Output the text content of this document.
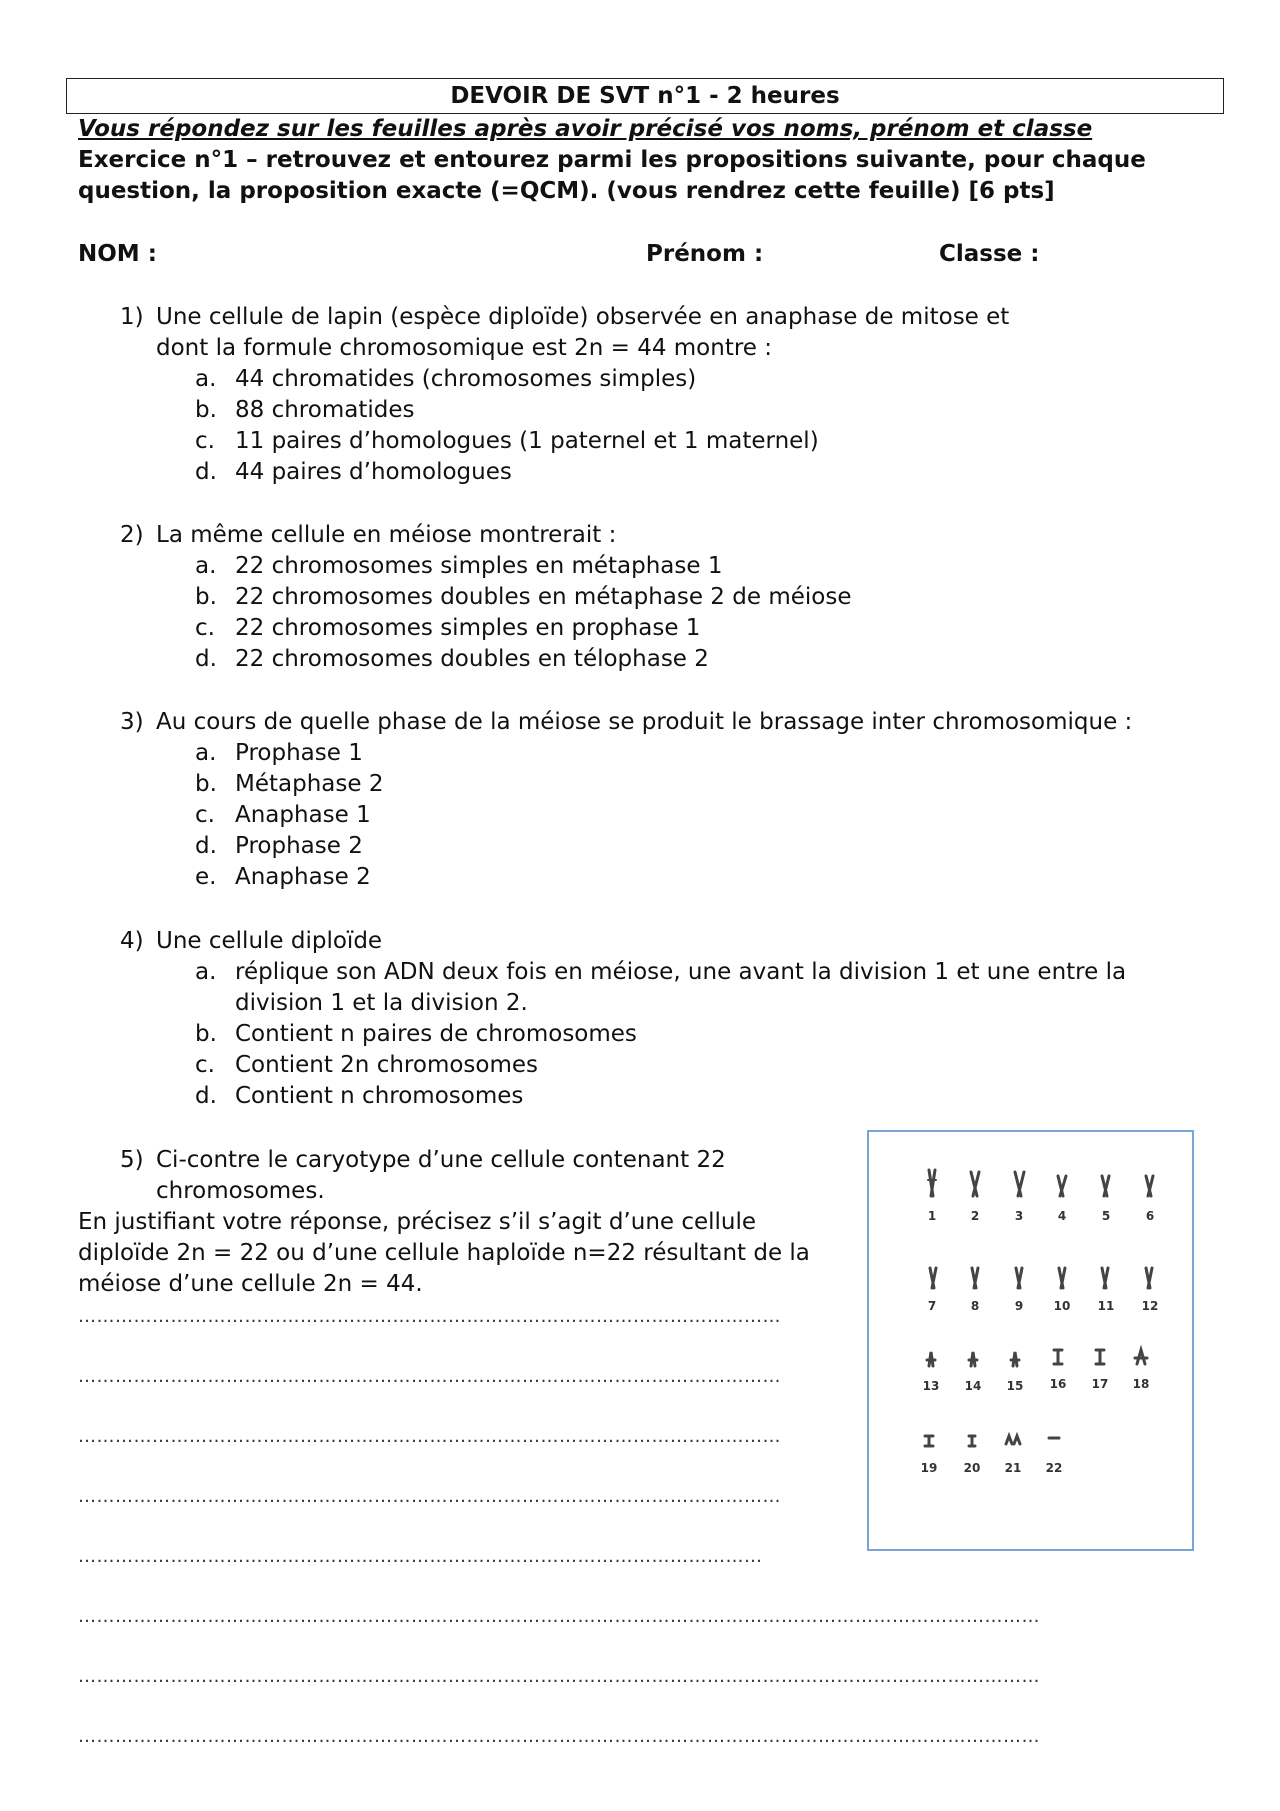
DEVOIR DE SVT n°1 - 2 heures
Vous répondez sur les feuilles après avoir précisé vos noms, prénom et classe
Exercice n°1 – retrouvez et entourez parmi les propositions suivante, pour chaque
question, la proposition exacte (=QCM). (vous rendrez cette feuille) [6 pts]
NOM :	Prénom :	Classe :
1) Une cellule de lapin (espèce diploïde) observée en anaphase de mitose et dont la formule chromosomique est 2n = 44 montre :
a. 44 chromatides (chromosomes simples)
b. 88 chromatides
c. 11 paires d’homologues (1 paternel et 1 maternel)
d. 44 paires d’homologues
2) La même cellule en méiose montrerait :
a. 22 chromosomes simples en métaphase 1
b. 22 chromosomes doubles en métaphase 2 de méiose
c. 22 chromosomes simples en prophase 1
d. 22 chromosomes doubles en télophase 2
3) Au cours de quelle phase de la méiose se produit le brassage inter chromosomique :
a. Prophase 1
b. Métaphase 2
c. Anaphase 1
d. Prophase 2
e. Anaphase 2
4) Une cellule diploïde
a. réplique son ADN deux fois en méiose, une avant la division 1 et une entre la division 1 et la division 2.
b. Contient n paires de chromosomes
c. Contient 2n chromosomes
d. Contient n chromosomes
5) Ci-contre le caryotype d’une cellule contenant 22
chromosomes.
En justifiant votre réponse, précisez s’il s’agit d’une cellule
diploïde 2n = 22 ou d’une cellule haploïde n=22 résultant de la
méiose d’une cellule 2n = 44.
……………………………………………………………………………………………………
……………………………………………………………………………………………………
……………………………………………………………………………………………………
……………………………………………………………………………………………………
…………………………………………………………………………………………………
…………………………………………………………………………………………………………………………………………
…………………………………………………………………………………………………………………………………………
…………………………………………………………………………………………………………………………………………
1	2	3	4	5	6
7	8	9	10 11 12
13 14 15 16 17 18
19 20 21 22
